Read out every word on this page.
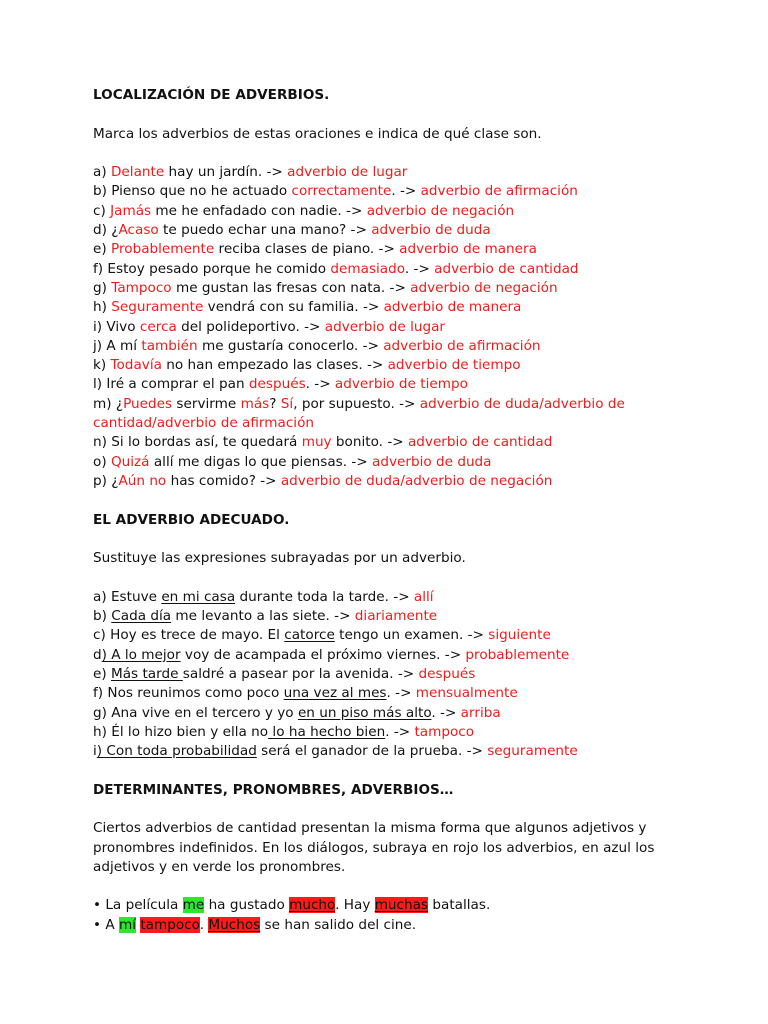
LOCALIZACIÓN DE ADVERBIOS.
Marca los adverbios de estas oraciones e indica de qué clase son.
a) Delante hay un jardín. -> adverbio de lugar
b) Pienso que no he actuado correctamente. -> adverbio de afirmación
c) Jamás me he enfadado con nadie. -> adverbio de negación
d) ¿Acaso te puedo echar una mano? -> adverbio de duda
e) Probablemente reciba clases de piano. -> adverbio de manera
f) Estoy pesado porque he comido demasiado. -> adverbio de cantidad
g) Tampoco me gustan las fresas con nata. -> adverbio de negación
h) Seguramente vendrá con su familia. -> adverbio de manera
i) Vivo cerca del polideportivo. -> adverbio de lugar
j) A mí también me gustaría conocerlo. -> adverbio de afirmación
k) Todavía no han empezado las clases. -> adverbio de tiempo
l) Iré a comprar el pan después. -> adverbio de tiempo
m) ¿Puedes servirme más? Sí, por supuesto. -> adverbio de duda/adverbio de cantidad/adverbio de afirmación
n) Si lo bordas así, te quedará muy bonito. -> adverbio de cantidad
o) Quizá allí me digas lo que piensas. -> adverbio de duda
p) ¿Aún no has comido? -> adverbio de duda/adverbio de negación
EL ADVERBIO ADECUADO.
Sustituye las expresiones subrayadas por un adverbio.
a) Estuve en mi casa durante toda la tarde. -> allí
b) Cada día me levanto a las siete. -> diariamente
c) Hoy es trece de mayo. El catorce tengo un examen. -> siguiente
d) A lo mejor voy de acampada el próximo viernes. -> probablemente
e) Más tarde saldré a pasear por la avenida. -> después
f) Nos reunimos como poco una vez al mes. -> mensualmente
g) Ana vive en el tercero y yo en un piso más alto. -> arriba
h) Él lo hizo bien y ella no lo ha hecho bien. -> tampoco
i) Con toda probabilidad será el ganador de la prueba. -> seguramente
DETERMINANTES, PRONOMBRES, ADVERBIOS…
Ciertos adverbios de cantidad presentan la misma forma que algunos adjetivos y pronombres indefinidos. En los diálogos, subraya en rojo los adverbios, en azul los adjetivos y en verde los pronombres.
• La película me ha gustado mucho. Hay muchas batallas.
• A mí tampoco. Muchos se han salido del cine.
